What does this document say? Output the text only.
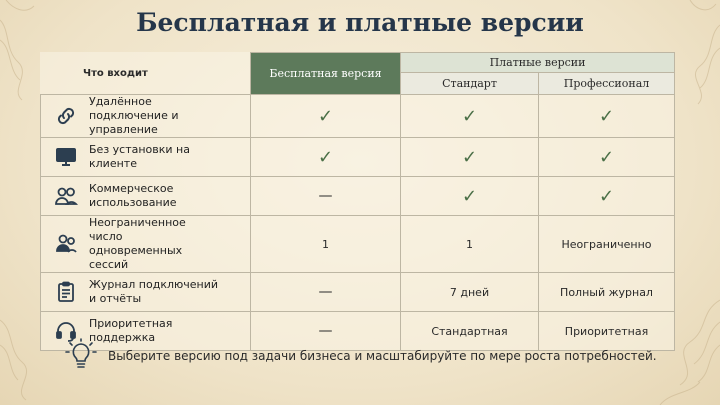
Бесплатная и платные версии
Что входит	Бесплатная версия	Платные версии	
		Стандарт	Профессионал

Удалённое подключение и управление	✓	✓	✓

Без установки на клиенте	✓	✓	✓

Коммерческое использование	—	✓	✓

Неограниченное число одновременных сессий	1	1	Неограниченно

Журнал подключений и отчёты	—	7 дней	Полный журнал

Приоритетная поддержка	—	Стандартная	Приоритетная
Выберите версию под задачи бизнеса и масштабируйте по мере роста потребностей.
